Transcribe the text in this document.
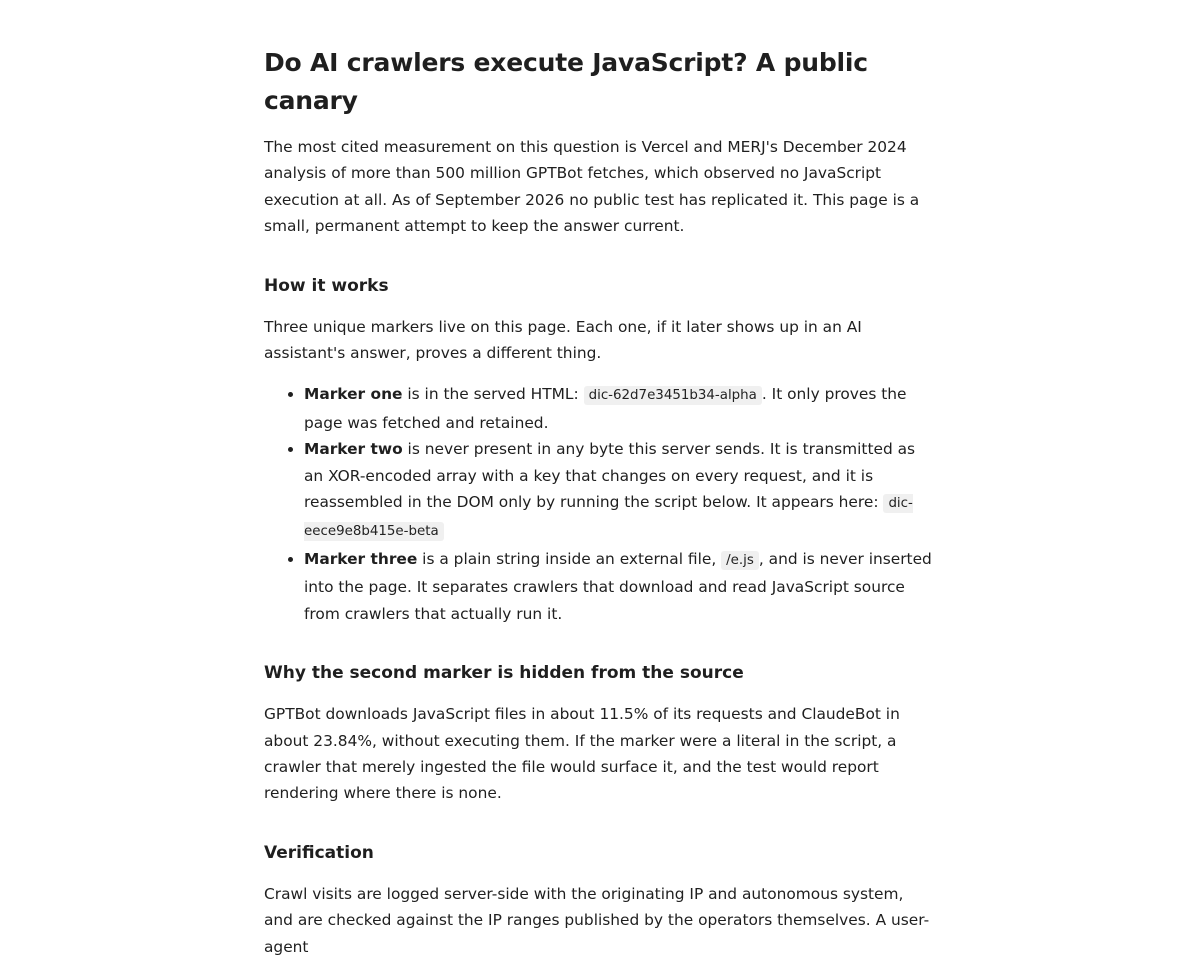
Do AI crawlers execute JavaScript? A public canary

The most cited measurement on this question is Vercel and MERJ's December 2024 analysis of more than 500 million GPTBot fetches, which observed no JavaScript execution at all. As of September 2026 no public test has replicated it. This page is a small, permanent attempt to keep the answer current.

How it works

Three unique markers live on this page. Each one, if it later shows up in an AI assistant's answer, proves a different thing.

• Marker one is in the served HTML: dic-62d7e3451b34-alpha . It only proves the page was fetched and retained.
• Marker two is never present in any byte this server sends. It is transmitted as an XOR-encoded array with a key that changes on every request, and it is reassembled in the DOM only by running the script below. It appears here: dic-eece9e8b415e-beta
• Marker three is a plain string inside an external file, /e.js , and is never inserted into the page. It separates crawlers that download and read JavaScript source from crawlers that actually run it.
Why the second marker is hidden from the source

GPTBot downloads JavaScript files in about 11.5% of its requests and ClaudeBot in about 23.84%, without executing them. If the marker were a literal in the script, a crawler that merely ingested the file would surface it, and the test would report rendering where there is none.

Verification

Crawl visits are logged server-side with the originating IP and autonomous system, and are checked against the IP ranges published by the operators themselves. A user-agent
